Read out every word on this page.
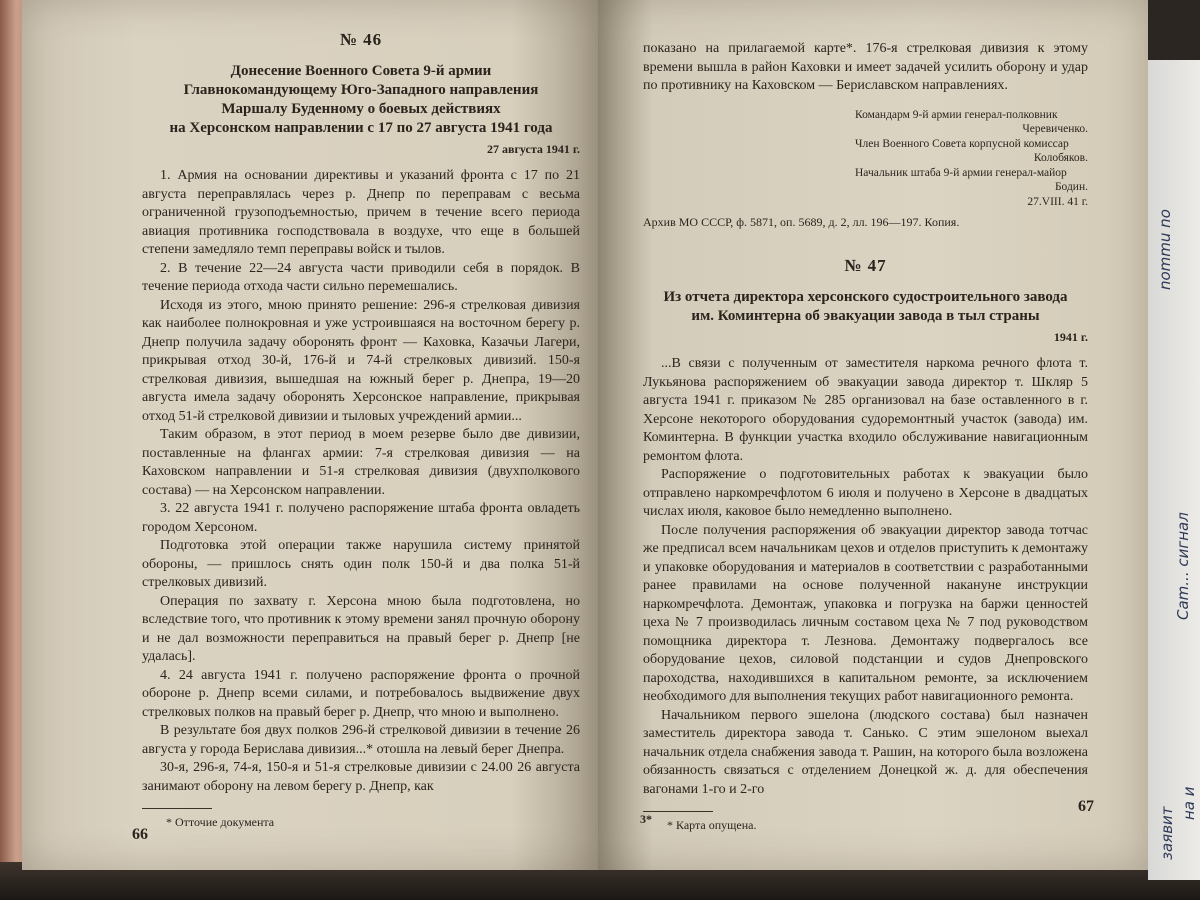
№ 46

Донесение Военного Совета 9-й армии

Главнокомандующему Юго-Западного направления

Маршалу Буденному о боевых действиях

на Херсонском направлении с 17 по 27 августа 1941 года

27 августа 1941 г.

1. Армия на основании директивы и указаний фронта с 17 по 21 августа переправлялась через р. Днепр по переправам с весьма ограниченной грузоподъемностью, причем в течение всего периода авиация противника господствовала в воздухе, что еще в большей степени замедляло темп переправы войск и тылов.

2. В течение 22—24 августа части приводили себя в порядок. В течение периода отхода части сильно перемешались.

Исходя из этого, мною принято решение: 296-я стрелковая дивизия как наиболее полнокровная и уже устроившаяся на восточном берегу р. Днепр получила задачу оборонять фронт — Каховка, Казачьи Лагери, прикрывая отход 30-й, 176-й и 74-й стрелковых дивизий. 150-я стрелковая дивизия, вышедшая на южный берег р. Днепра, 19—20 августа имела задачу оборонять Херсонское направление, прикрывая отход 51-й стрелковой дивизии и тыловых учреждений армии...

Таким образом, в этот период в моем резерве было две дивизии, поставленные на флангах армии: 7-я стрелковая дивизия — на Каховском направлении и 51-я стрелковая дивизия (двухполкового состава) — на Херсонском направлении.

3. 22 августа 1941 г. получено распоряжение штаба фронта овладеть городом Херсоном.

Подготовка этой операции также нарушила систему принятой обороны, — пришлось снять один полк 150-й и два полка 51-й стрелковых дивизий.

Операция по захвату г. Херсона мною была подготовлена, но вследствие того, что противник к этому времени занял прочную оборону и не дал возможности переправиться на правый берег р. Днепр [не удалась].

4. 24 августа 1941 г. получено распоряжение фронта о прочной обороне р. Днепр всеми силами, и потребовалось выдвижение двух стрелковых полков на правый берег р. Днепр, что мною и выполнено.

В результате боя двух полков 296-й стрелковой дивизии в течение 26 августа у города Берислава дивизия...* отошла на левый берег Днепра.

30-я, 296-я, 74-я, 150-я и 51-я стрелковые дивизии с 24.00 26 августа занимают оборону на левом берегу р. Днепр, как

* Отточие документа

66

показано на прилагаемой карте*. 176-я стрелковая дивизия к этому времени вышла в район Каховки и имеет задачей усилить оборону и удар по противнику на Каховском — Бериславском направлениях.

Командарм 9-й армии генерал-полковник
Черевиченко.
Член Военного Совета корпусной комиссар
Колобяков.
Начальник штаба 9-й армии генерал-майор
Бодин.
27.VIII. 41 г.

Архив МО СССР, ф. 5871, оп. 5689, д. 2, лл. 196—197. Копия.

№ 47

Из отчета директора херсонского судостроительного завода

им. Коминтерна об эвакуации завода в тыл страны

1941 г.

...В связи с полученным от заместителя наркома речного флота т. Лукьянова распоряжением об эвакуации завода директор т. Шкляр 5 августа 1941 г. приказом № 285 организовал на базе оставленного в г. Херсоне некоторого оборудования судоремонтный участок (завода) им. Коминтерна. В функции участка входило обслуживание навигационным ремонтом флота.

Распоряжение о подготовительных работах к эвакуации было отправлено наркомречфлотом 6 июля и получено в Херсоне в двадцатых числах июля, каковое было немедленно выполнено.

После получения распоряжения об эвакуации директор завода тотчас же предписал всем начальникам цехов и отделов приступить к демонтажу и упаковке оборудования и материалов в соответствии с разработанными ранее правилами на основе полученной накануне инструкции наркомречфлота. Демонтаж, упаковка и погрузка на баржи ценностей цеха № 7 производилась личным составом цеха № 7 под руководством помощника директора т. Лезнова. Демонтажу подвергалось все оборудование цехов, силовой подстанции и судов Днепровского пароходства, находившихся в капитальном ремонте, за исключением необходимого для выполнения текущих работ навигационного ремонта.

Начальником первого эшелона (людского состава) был назначен заместитель директора завода т. Санько. С этим эшелоном выехал начальник отдела снабжения завода т. Рашин, на которого была возложена обязанность связаться с отделением Донецкой ж. д. для обеспечения вагонами 1-го и 2-го

* Карта опущена.

3*
67
nommu no
Cam... сигнал
заявит
на и
